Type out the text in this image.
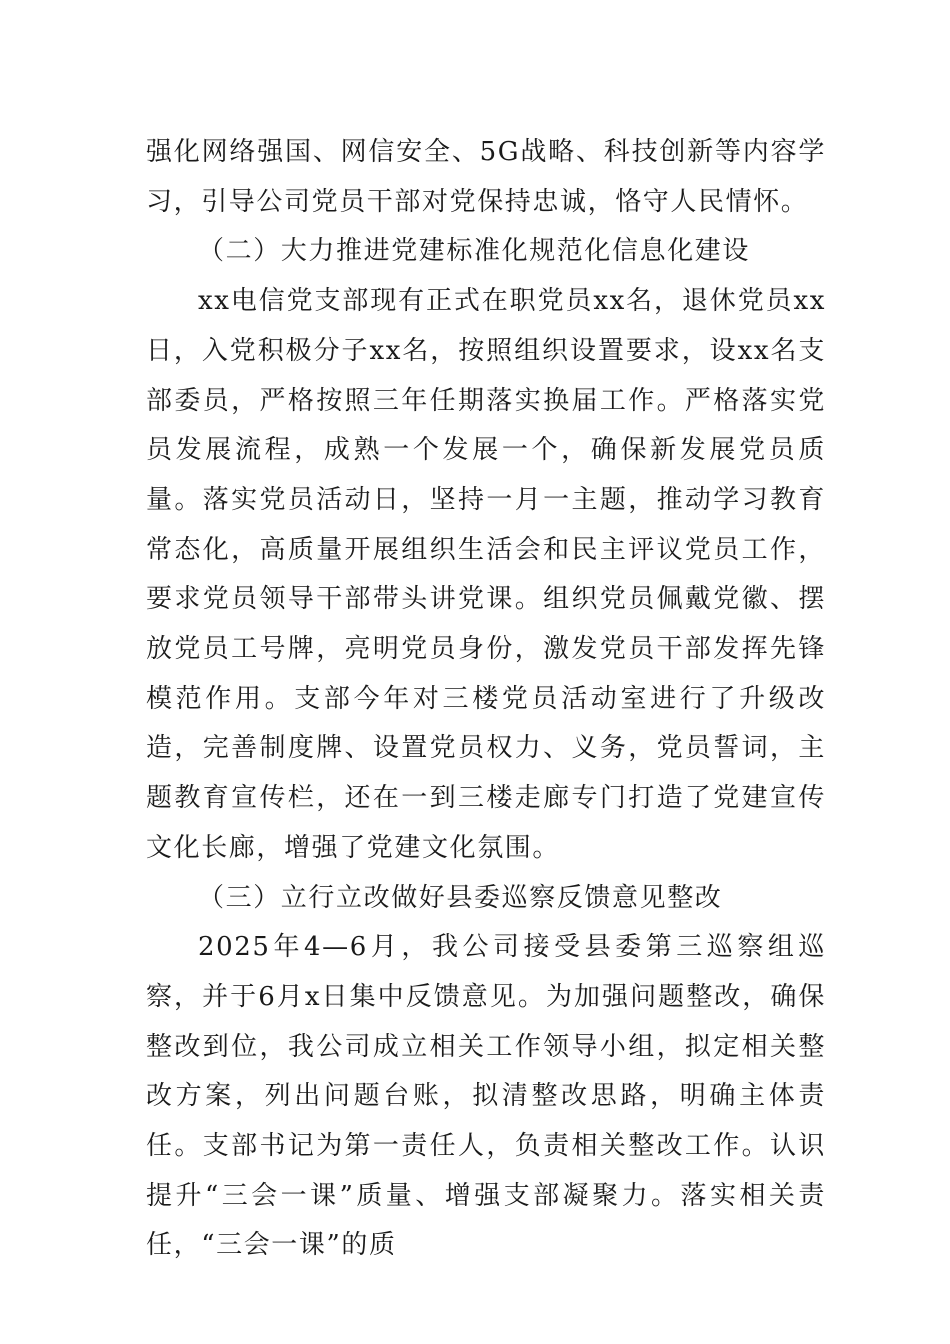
强化网络强国、网信安全、5G战略、科技创新等内容学习，引导公司党员干部对党保持忠诚，恪守人民情怀。

（二）大力推进党建标准化规范化信息化建设

xx电信党支部现有正式在职党员xx名，退休党员xx日，入党积极分子xx名，按照组织设置要求，设xx名支部委员，严格按照三年任期落实换届工作。严格落实党员发展流程，成熟一个发展一个，确保新发展党员质量。落实党员活动日，坚持一月一主题，推动学习教育常态化，高质量开展组织生活会和民主评议党员工作，要求党员领导干部带头讲党课。组织党员佩戴党徽、摆放党员工号牌，亮明党员身份，激发党员干部发挥先锋模范作用。支部今年对三楼党员活动室进行了升级改造，完善制度牌、设置党员权力、义务，党员誓词，主题教育宣传栏，还在一到三楼走廊专门打造了党建宣传文化长廊，增强了党建文化氛围。

（三）立行立改做好县委巡察反馈意见整改

2025年4—6月，我公司接受县委第三巡察组巡察，并于6月x日集中反馈意见。为加强问题整改，确保整改到位，我公司成立相关工作领导小组，拟定相关整改方案，列出问题台账，拟清整改思路，明确主体责任。支部书记为第一责任人，负责相关整改工作。认识提升“三会一课”质量、增强支部凝聚力。落实相关责任，“三会一课”的质
